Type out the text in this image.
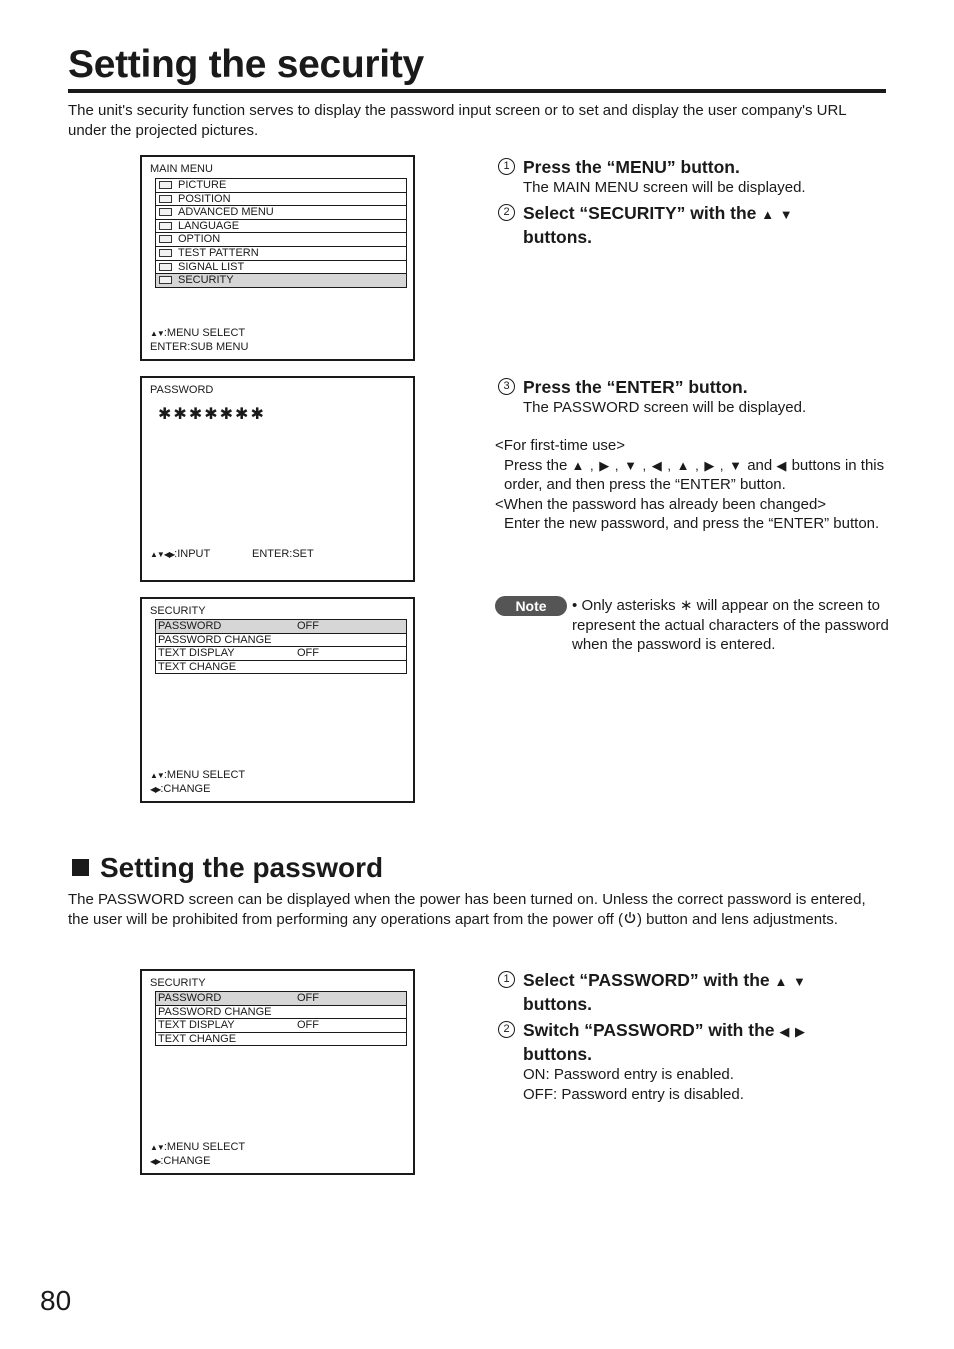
Setting the security

The unit's security function serves to display the password input screen or to set and display the user company's URL under the projected pictures.

MAIN MENU
PICTURE
POSITION
ADVANCED MENU
LANGUAGE
OPTION
TEST PATTERN
SIGNAL LIST
SECURITY
▲▼:MENU SELECT
ENTER:SUB MENU
PASSWORD
✱✱✱✱✱✱✱
▲▼◀▶:INPUT	ENTER:SET
SECURITY
PASSWORD	OFF
PASSWORD CHANGE
TEXT DISPLAY	OFF
TEXT CHANGE
▲▼:MENU SELECT
◀▶:CHANGE
1 Press the “MENU” button.

The MAIN MENU screen will be displayed.

2 Select “SECURITY” with the ▲ ▼
buttons.

3 Press the “ENTER” button.

The PASSWORD screen will be displayed.

<For first-time use>
Press the ▲ , ▶ , ▼ , ◀ , ▲ , ▶ , ▼ and ◀ buttons in this order, and then press the “ENTER” button.
<When the password has already been changed>
Enter the new password, and press the “ENTER” button.
Note	• Only asterisks ∗ will appear on the screen to represent the actual characters of the password when the password is entered.
Setting the password

The PASSWORD screen can be displayed when the power has been turned on. Unless the correct password is entered, the user will be prohibited from performing any operations apart from the power off ( ) button and lens adjustments.

SECURITY
PASSWORD	OFF
PASSWORD CHANGE
TEXT DISPLAY	OFF
TEXT CHANGE
▲▼:MENU SELECT
◀▶:CHANGE
1 Select “PASSWORD” with the ▲ ▼
buttons.

2 Switch “PASSWORD” with the ◀ ▶
buttons.

ON: Password entry is enabled.

OFF: Password entry is disabled.

80
